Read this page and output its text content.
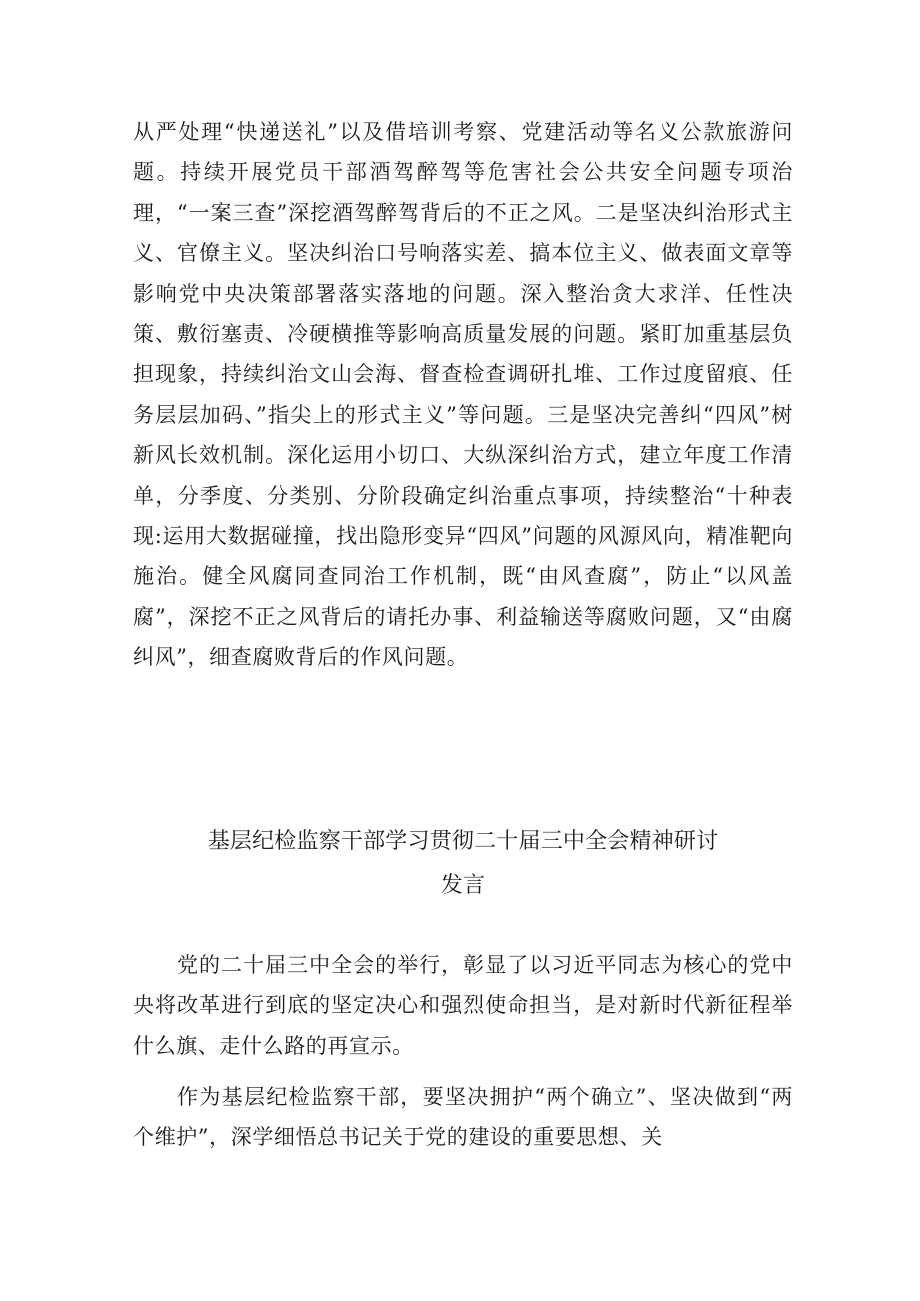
从严处理“快递送礼”以及借培训考察、党建活动等名义公款旅游问题。持续开展党员干部酒驾醉驾等危害社会公共安全问题专项治理，“一案三查”深挖酒驾醉驾背后的不正之风。二是坚决纠治形式主义、官僚主义。坚决纠治口号响落实差、搞本位主义、做表面文章等影响党中央决策部署落实落地的问题。深入整治贪大求洋、任性决策、敷衍塞责、冷硬横推等影响高质量发展的问题。紧盯加重基层负担现象，持续纠治文山会海、督查检查调研扎堆、工作过度留痕、任务层层加码、”指尖上的形式主义”等问题。三是坚决完善纠“四风”树新风长效机制。深化运用小切口、大纵深纠治方式，建立年度工作清单，分季度、分类别、分阶段确定纠治重点事项，持续整治“十种表现:运用大数据碰撞，找出隐形变异“四风”问题的风源风向，精准靶向施治。健全风腐同查同治工作机制，既“由风查腐”，防止“以风盖腐”，深挖不正之风背后的请托办事、利益输送等腐败问题，又“由腐纠风”，细查腐败背后的作风问题。

基层纪检监察干部学习贯彻二十届三中全会精神研讨
发言

党的二十届三中全会的举行，彰显了以习近平同志为核心的党中央将改革进行到底的坚定决心和强烈使命担当，是对新时代新征程举什么旗、走什么路的再宣示。

作为基层纪检监察干部，要坚决拥护“两个确立”、坚决做到“两个维护”，深学细悟总书记关于党的建设的重要思想、关
